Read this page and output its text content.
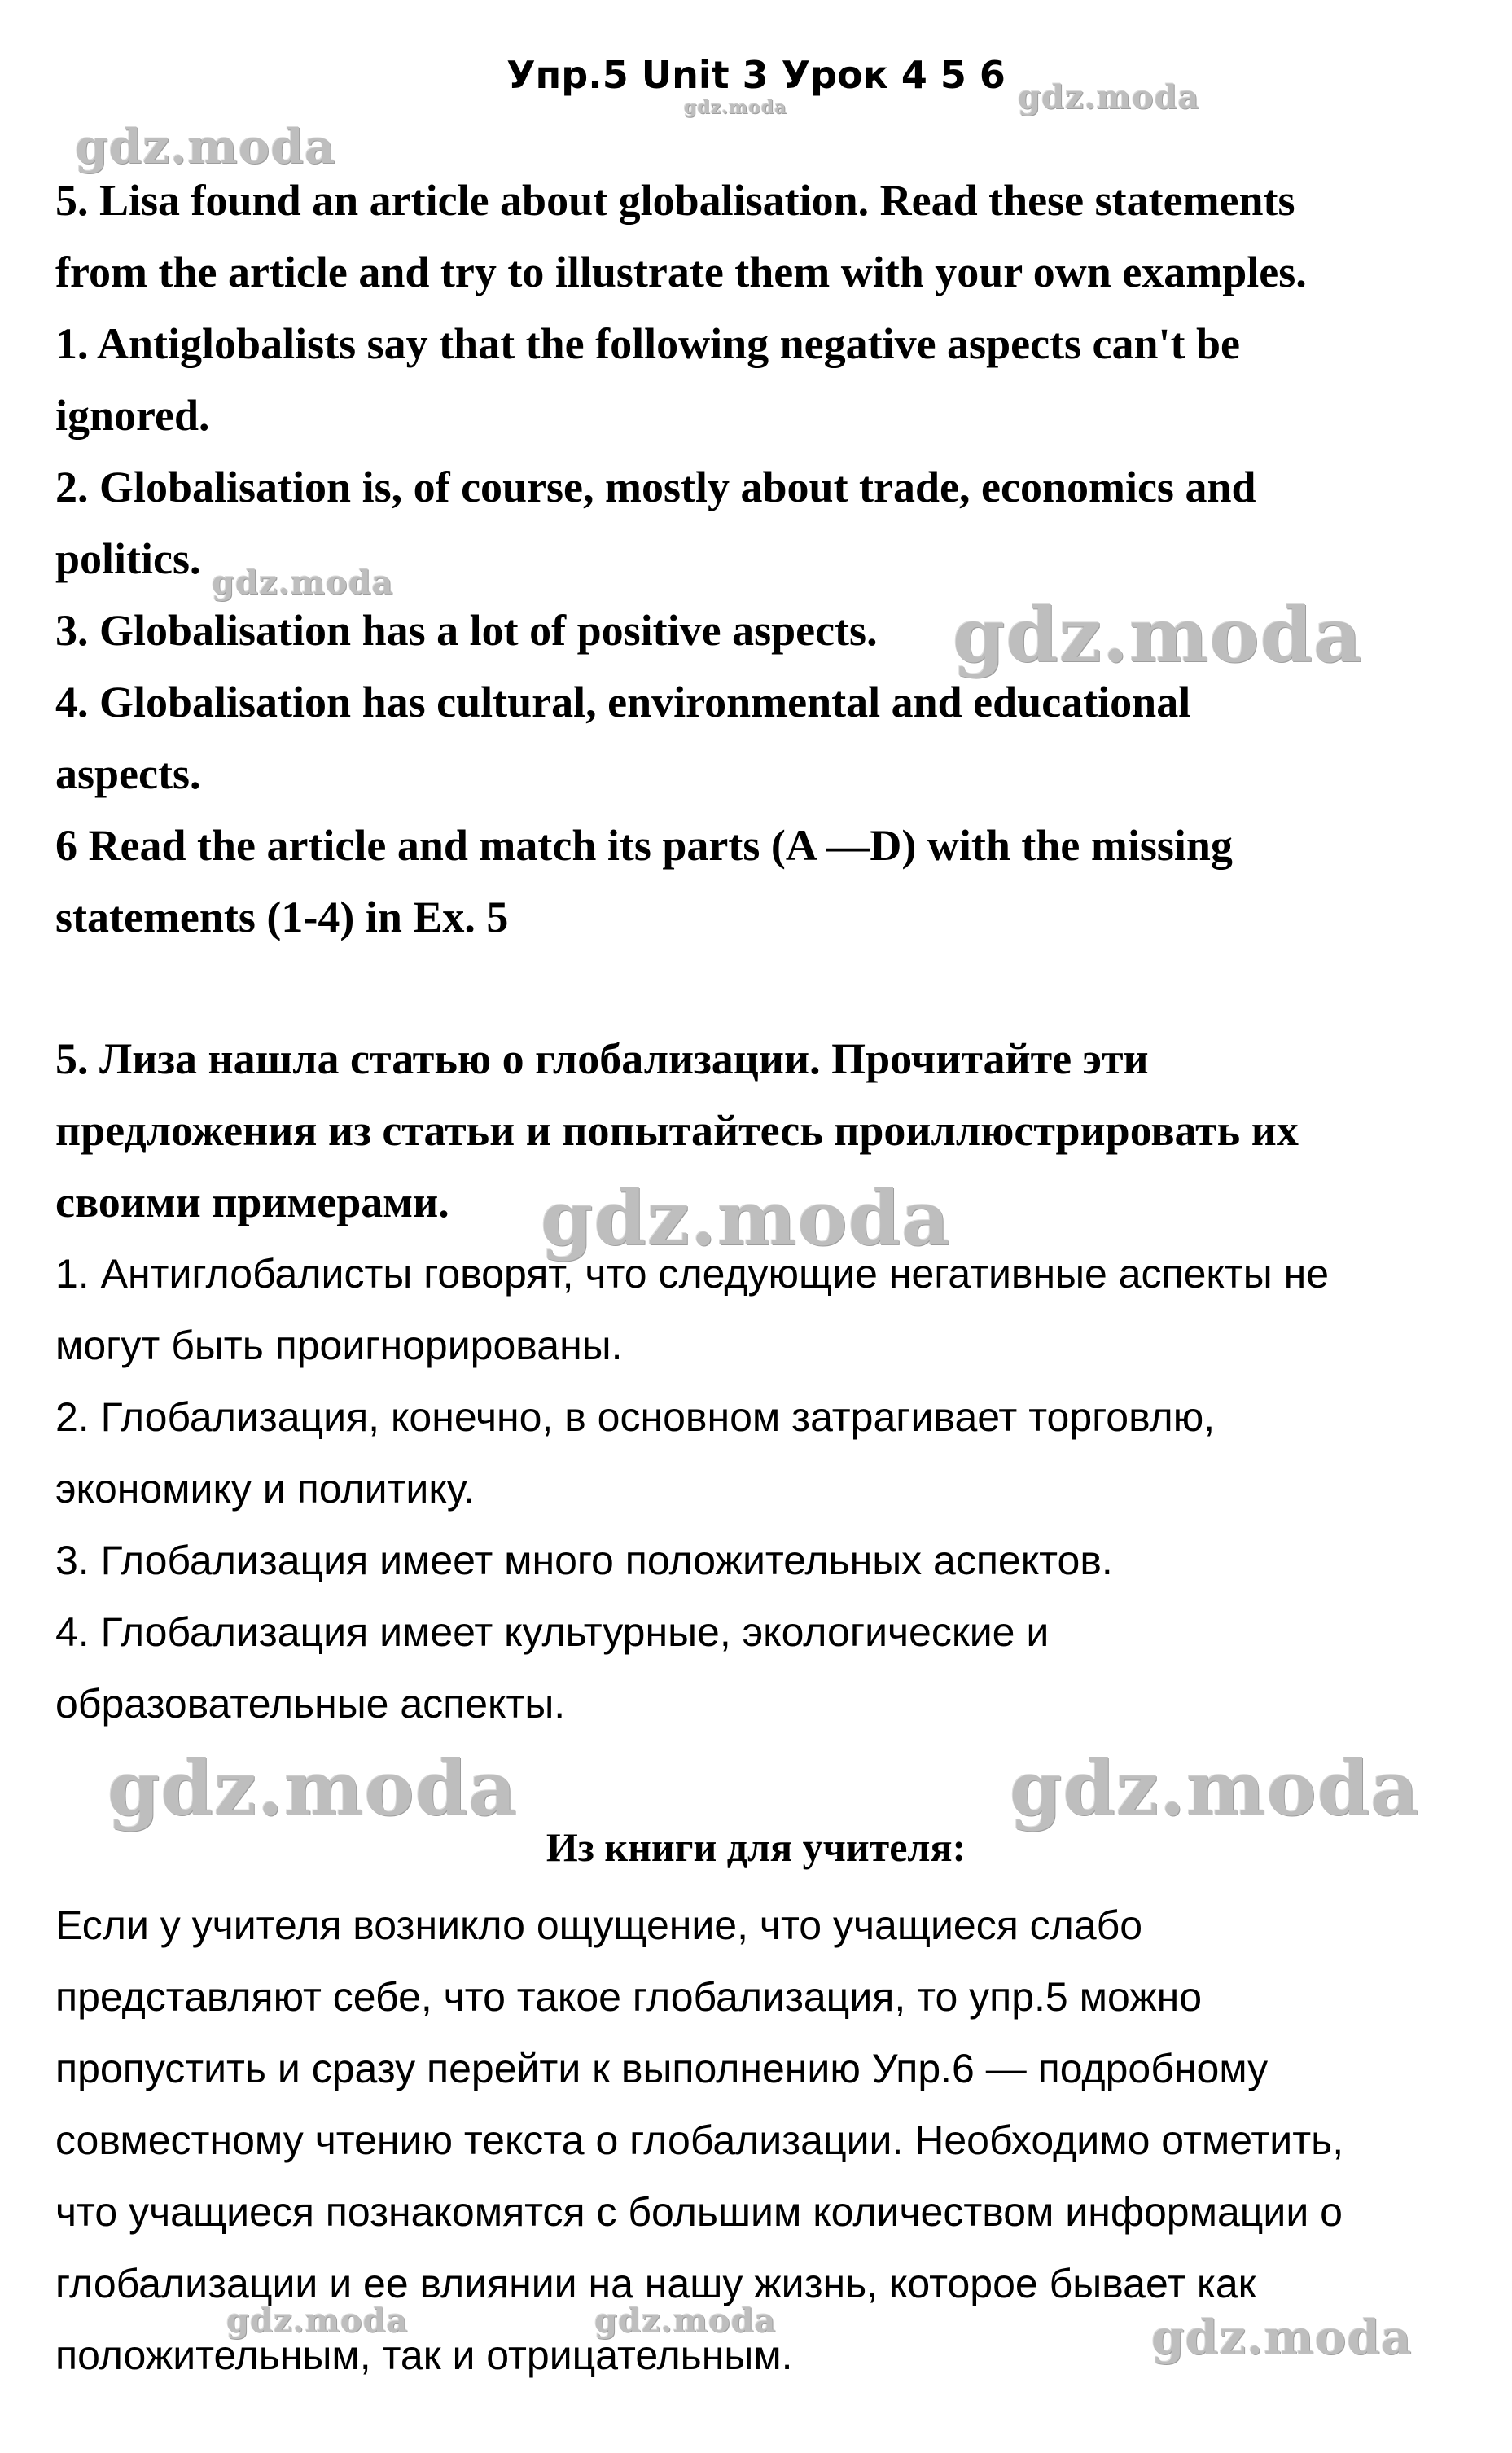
Упр.5 Unit 3 Урок 4 5 6
5. Lisa found an article about globalisation. Read these statements
from the article and try to illustrate them with your own examples.
1. Antiglobalists say that the following negative aspects can't be
ignored.
2. Globalisation is, of course, mostly about trade, economics and
politics.
3. Globalisation has a lot of positive aspects.
4. Globalisation has cultural, environmental and educational
aspects.
6 Read the article and match its parts (A —D) with the missing
statements (1-4) in Ex. 5
5. Лиза нашла статью о глобализации. Прочитайте эти
предложения из статьи и попытайтесь проиллюстрировать их
своими примерами.
1. Антиглобалисты говорят, что следующие негативные аспекты не
могут быть проигнорированы.
2. Глобализация, конечно, в основном затрагивает торговлю,
экономику и политику.
3. Глобализация имеет много положительных аспектов.
4. Глобализация имеет культурные, экологические и
образовательные аспекты.
Из книги для учителя:
Если у учителя возникло ощущение, что учащиеся слабо
представляют себе, что такое глобализация, то упр.5 можно
пропустить и сразу перейти к выполнению Упр.6 — подробному
совместному чтению текста о глобализации. Необходимо отметить,
что учащиеся познакомятся с большим количеством информации о
глобализации и ее влиянии на нашу жизнь, которое бывает как
положительным, так и отрицательным.
gdz.moda
gdz.moda	gdz.moda
gdz.moda
gdz.moda
gdz.moda
gdz.moda	gdz.moda
gdz.moda	gdz.moda	gdz.moda
